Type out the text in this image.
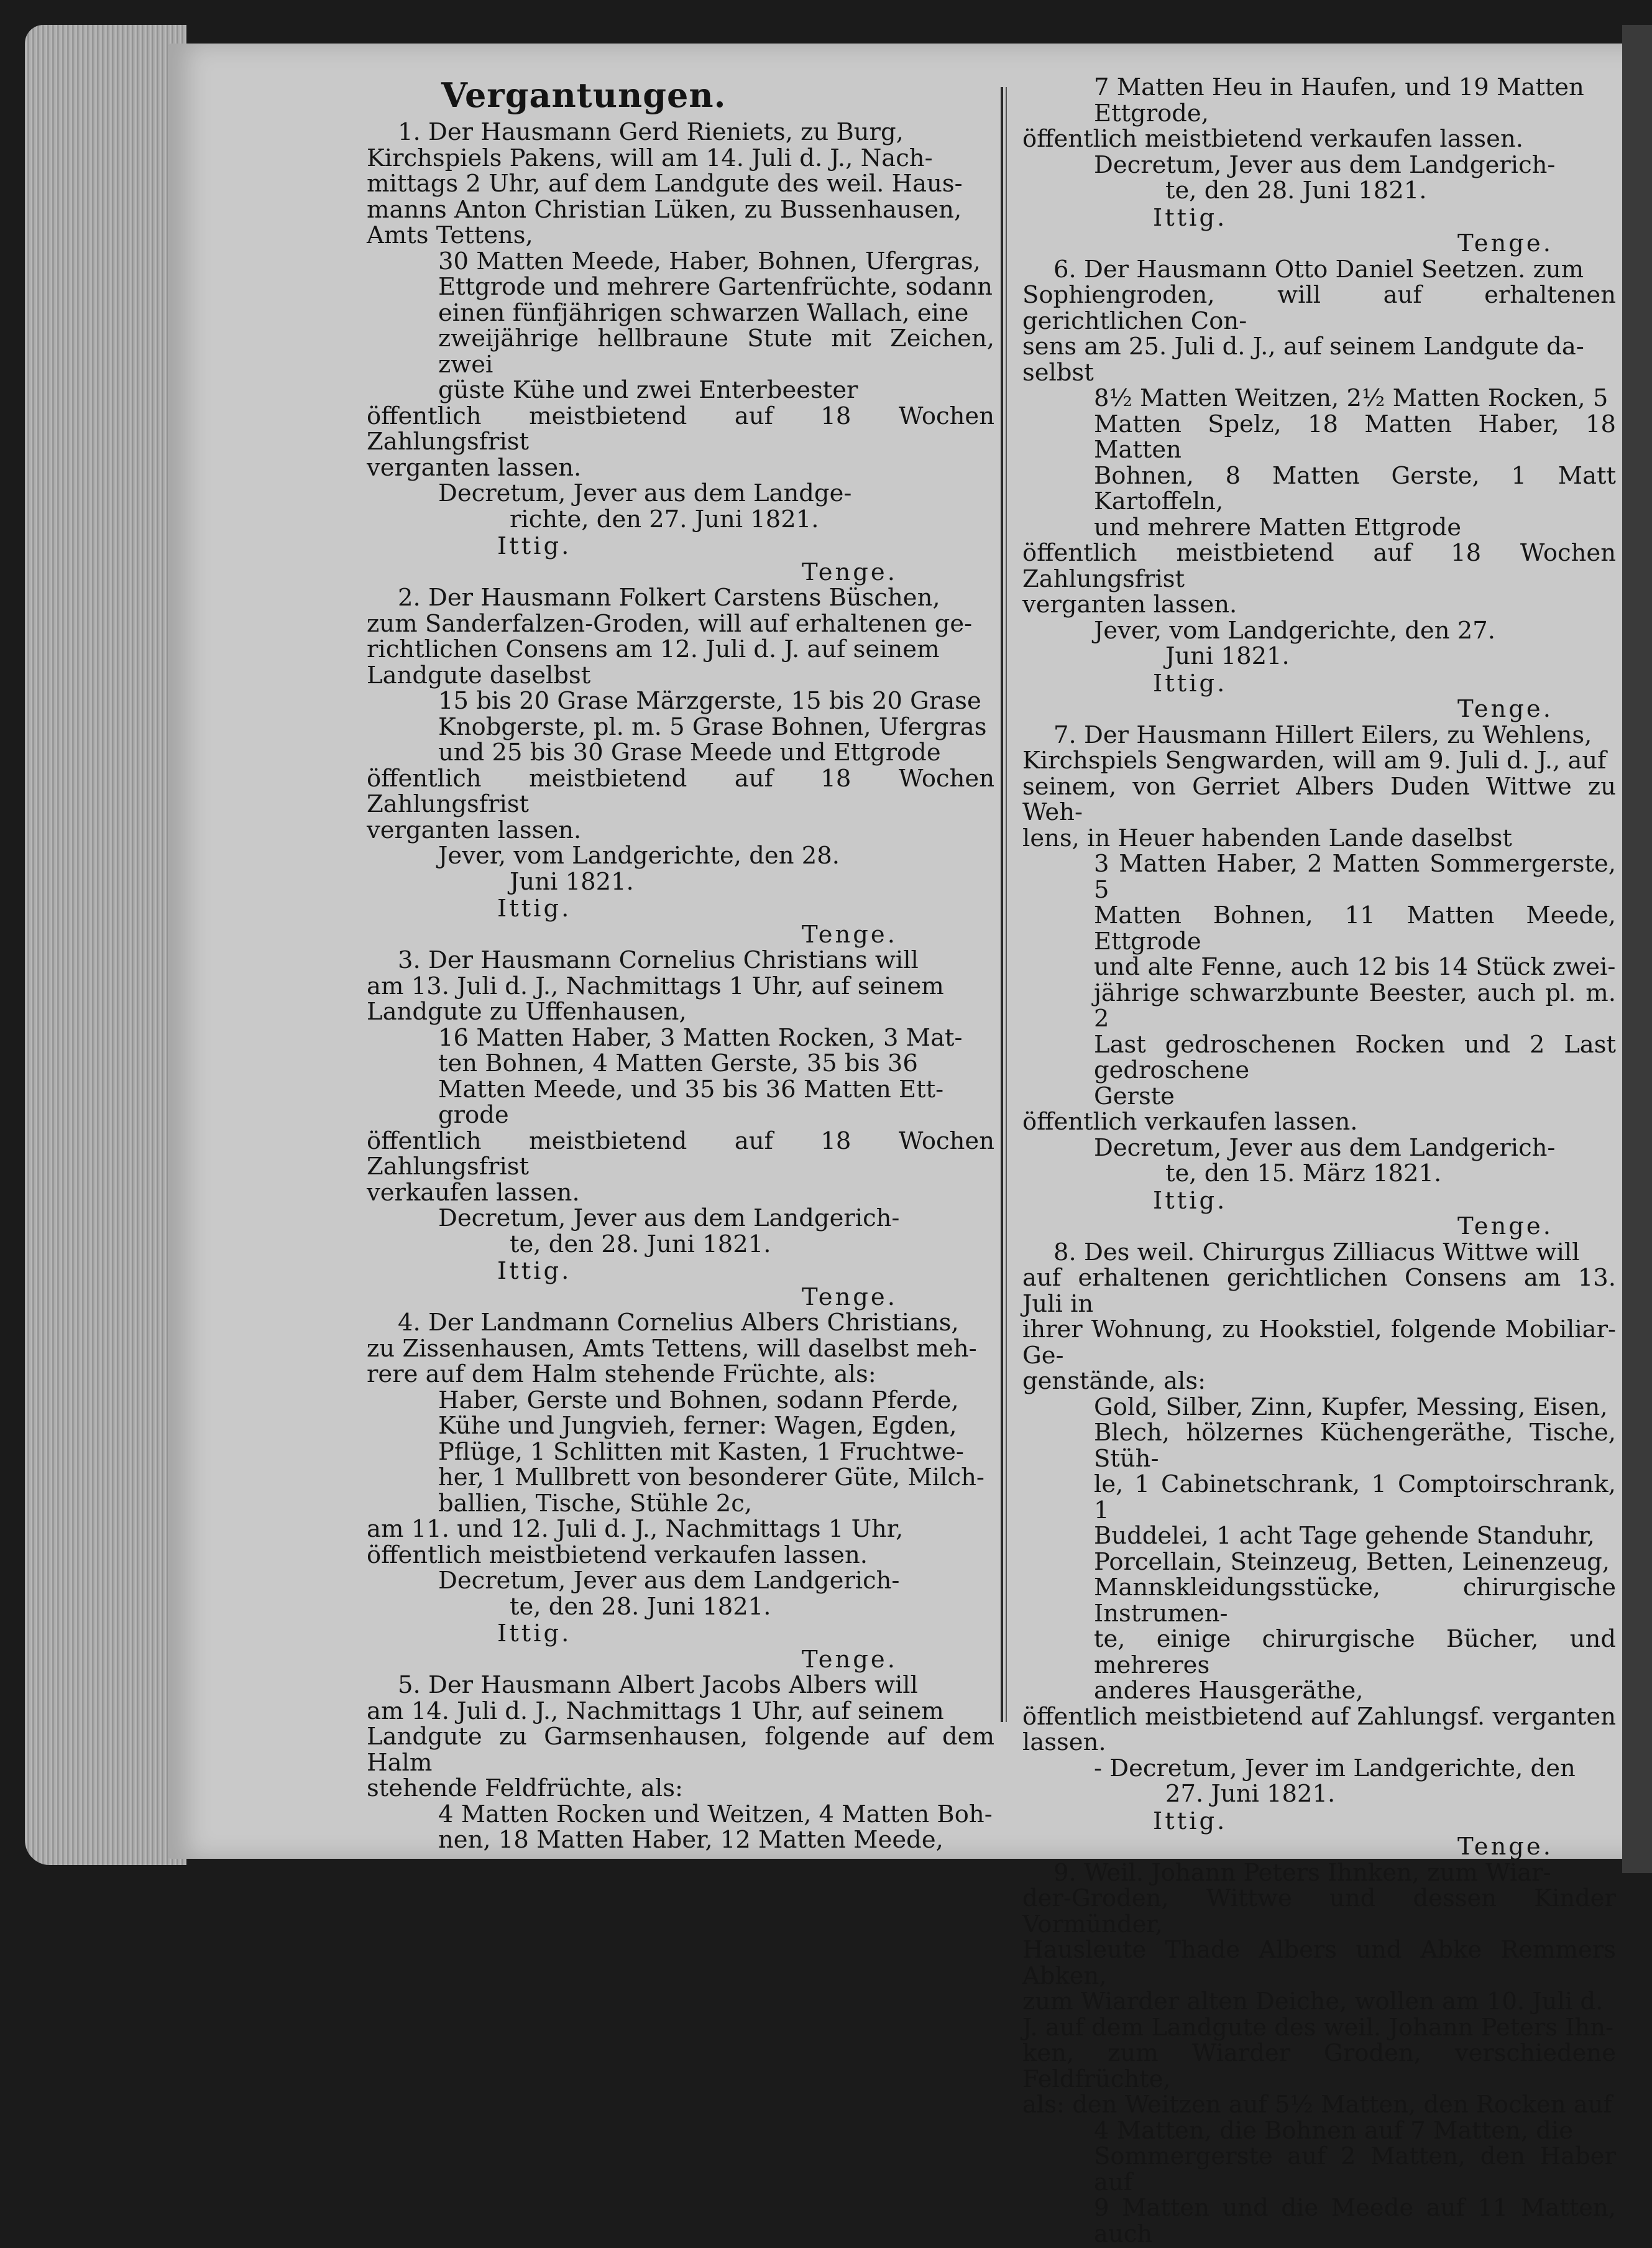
Vergantungen.

1. Der Hausmann Gerd Rieniets, zu Burg,

Kirchspiels Pakens, will am 14. Juli d. J., Nach-

mittags 2 Uhr, auf dem Landgute des weil. Haus-

manns Anton Christian Lüken, zu Bussenhausen,

Amts Tettens,

30 Matten Meede, Haber, Bohnen, Ufergras,

Ettgrode und mehrere Gartenfrüchte, sodann

einen fünfjährigen schwarzen Wallach, eine

zweijährige hellbraune Stute mit Zeichen, zwei

güste Kühe und zwei Enterbeester

öffentlich meistbietend auf 18 Wochen Zahlungsfrist

verganten lassen.

Decretum, Jever aus dem Landge-

richte, den 27. Juni 1821.

Ittig.

Tenge.

2. Der Hausmann Folkert Carstens Büschen,

zum Sanderfalzen-Groden, will auf erhaltenen ge-

richtlichen Consens am 12. Juli d. J. auf seinem

Landgute daselbst

15 bis 20 Grase Märzgerste, 15 bis 20 Grase

Knobgerste, pl. m. 5 Grase Bohnen, Ufergras

und 25 bis 30 Grase Meede und Ettgrode

öffentlich meistbietend auf 18 Wochen Zahlungsfrist

verganten lassen.

Jever, vom Landgerichte, den 28.

Juni 1821.

Ittig.

Tenge.

3. Der Hausmann Cornelius Christians will

am 13. Juli d. J., Nachmittags 1 Uhr, auf seinem

Landgute zu Uffenhausen,

16 Matten Haber, 3 Matten Rocken, 3 Mat-

ten Bohnen, 4 Matten Gerste, 35 bis 36

Matten Meede, und 35 bis 36 Matten Ett-

grode

öffentlich meistbietend auf 18 Wochen Zahlungsfrist

verkaufen lassen.

Decretum, Jever aus dem Landgerich-

te, den 28. Juni 1821.

Ittig.

Tenge.

4. Der Landmann Cornelius Albers Christians,

zu Zissenhausen, Amts Tettens, will daselbst meh-

rere auf dem Halm stehende Früchte, als:

Haber, Gerste und Bohnen, sodann Pferde,

Kühe und Jungvieh, ferner: Wagen, Egden,

Pflüge, 1 Schlitten mit Kasten, 1 Fruchtwe-

her, 1 Mullbrett von besonderer Güte, Milch-

ballien, Tische, Stühle 2c,

am 11. und 12. Juli d. J., Nachmittags 1 Uhr,

öffentlich meistbietend verkaufen lassen.

Decretum, Jever aus dem Landgerich-

te, den 28. Juni 1821.

Ittig.

Tenge.

5. Der Hausmann Albert Jacobs Albers will

am 14. Juli d. J., Nachmittags 1 Uhr, auf seinem

Landgute zu Garmsenhausen, folgende auf dem Halm

stehende Feldfrüchte, als:

4 Matten Rocken und Weitzen, 4 Matten Boh-

nen, 18 Matten Haber, 12 Matten Meede,

7 Matten Heu in Haufen, und 19 Matten

Ettgrode,

öffentlich meistbietend verkaufen lassen.

Decretum, Jever aus dem Landgerich-

te, den 28. Juni 1821.

Ittig.

Tenge.

6. Der Hausmann Otto Daniel Seetzen. zum

Sophiengroden, will auf erhaltenen gerichtlichen Con-

sens am 25. Juli d. J., auf seinem Landgute da-

selbst

8½ Matten Weitzen, 2½ Matten Rocken, 5

Matten Spelz, 18 Matten Haber, 18 Matten

Bohnen, 8 Matten Gerste, 1 Matt Kartoffeln,

und mehrere Matten Ettgrode

öffentlich meistbietend auf 18 Wochen Zahlungsfrist

verganten lassen.

Jever, vom Landgerichte, den 27.

Juni 1821.

Ittig.

Tenge.

7. Der Hausmann Hillert Eilers, zu Wehlens,

Kirchspiels Sengwarden, will am 9. Juli d. J., auf

seinem, von Gerriet Albers Duden Wittwe zu Weh-

lens, in Heuer habenden Lande daselbst

3 Matten Haber, 2 Matten Sommergerste, 5

Matten Bohnen, 11 Matten Meede, Ettgrode

und alte Fenne, auch 12 bis 14 Stück zwei-

jährige schwarzbunte Beester, auch pl. m. 2

Last gedroschenen Rocken und 2 Last gedroschene

Gerste

öffentlich verkaufen lassen.

Decretum, Jever aus dem Landgerich-

te, den 15. März 1821.

Ittig.

Tenge.

8. Des weil. Chirurgus Zilliacus Wittwe will

auf erhaltenen gerichtlichen Consens am 13. Juli in

ihrer Wohnung, zu Hookstiel, folgende Mobiliar-Ge-

genstände, als:

Gold, Silber, Zinn, Kupfer, Messing, Eisen,

Blech, hölzernes Küchengeräthe, Tische, Stüh-

le, 1 Cabinetschrank, 1 Comptoirschrank, 1

Buddelei, 1 acht Tage gehende Standuhr,

Porcellain, Steinzeug, Betten, Leinenzeug,

Mannskleidungsstücke, chirurgische Instrumen-

te, einige chirurgische Bücher, und mehreres

anderes Hausgeräthe,

öffentlich meistbietend auf Zahlungsf. verganten lassen.

- Decretum, Jever im Landgerichte, den

27. Juni 1821.

Ittig.

Tenge.

9. Weil. Johann Peters Ihnken, zum Wiar-

der-Groden, Wittwe und dessen Kinder Vormünder,

Hausleute Thade Albers und Abke Remmers Abken,

zum Wiarder alten Deiche, wollen am 10. Juli d.

J. auf dem Landgute des weil. Johann Peters Ihn-

ken, zum Wiarder Groden, verschiedene Feldfrüchte,

als: den Weitzen auf 5½ Matten, den Rocken auf

4 Matten, die Bohnen auf 7 Matten, die

Sommergerste auf 2 Matten, den Haber auf

9 Matten und die Meede auf 11 Matten, auch
